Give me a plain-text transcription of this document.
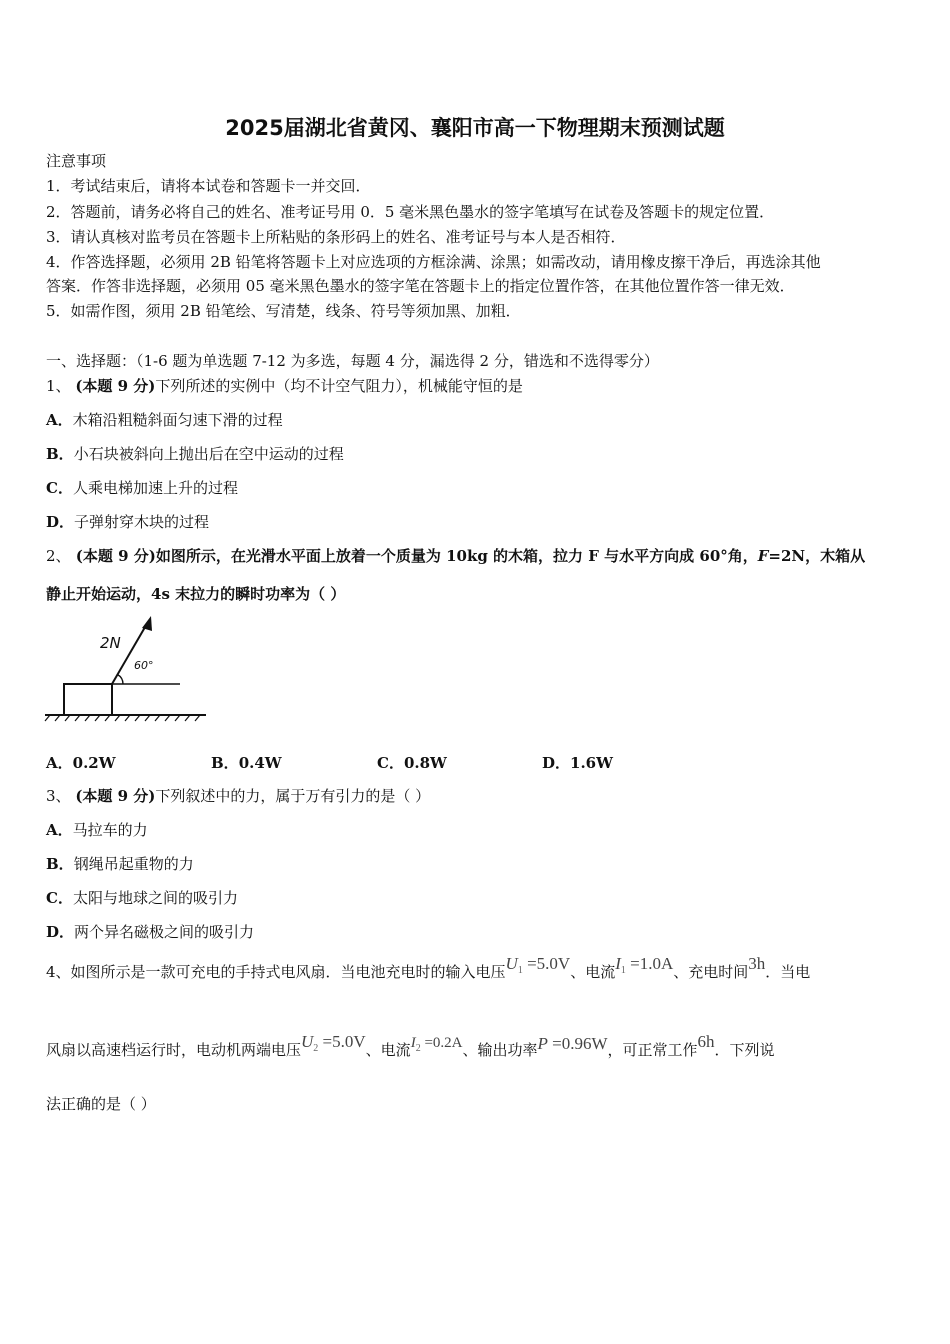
2025届湖北省黄冈、襄阳市高一下物理期末预测试题
注意事项
1．考试结束后，请将本试卷和答题卡一并交回．
2．答题前，请务必将自己的姓名、准考证号用 0．5 毫米黑色墨水的签字笔填写在试卷及答题卡的规定位置．
3．请认真核对监考员在答题卡上所粘贴的条形码上的姓名、准考证号与本人是否相符．
4．作答选择题，必须用 2B 铅笔将答题卡上对应选项的方框涂满、涂黑；如需改动，请用橡皮擦干净后，再选涂其他
答案．作答非选择题，必须用 05 毫米黑色墨水的签字笔在答题卡上的指定位置作答，在其他位置作答一律无效．
5．如需作图，须用 2B 铅笔绘、写清楚，线条、符号等须加黑、加粗．
一、选择题：（1-6 题为单选题 7-12 为多选，每题 4 分，漏选得 2 分，错选和不选得零分）
1、 (本题 9 分)下列所述的实例中（均不计空气阻力），机械能守恒的是
A．木箱沿粗糙斜面匀速下滑的过程
B．小石块被斜向上抛出后在空中运动的过程
C．人乘电梯加速上升的过程
D．子弹射穿木块的过程
2、 (本题 9 分)如图所示，在光滑水平面上放着一个质量为 10kg 的木箱，拉力 F 与水平方向成 60°角，F=2N，木箱从
静止开始运动，4s 末拉力的瞬时功率为（ ）
2N
60°
A．0.2W	B．0.4W	C．0.8W	D．1.6W
3、 (本题 9 分)下列叙述中的力，属于万有引力的是（ ）
A．马拉车的力
B．钢绳吊起重物的力
C．太阳与地球之间的吸引力
D．两个异名磁极之间的吸引力
4、如图所示是一款可充电的手持式电风扇．当电池充电时的输入电压$U_1 =5.0V$、电流$I_1 =1.0A$、充电时间3h．当电
风扇以高速档运行时，电动机两端电压$U_2 =5.0V$、电流$I_2 =0.2A$、输出功率P =0.96W，可正常工作6h．下列说
法正确的是（ ）
